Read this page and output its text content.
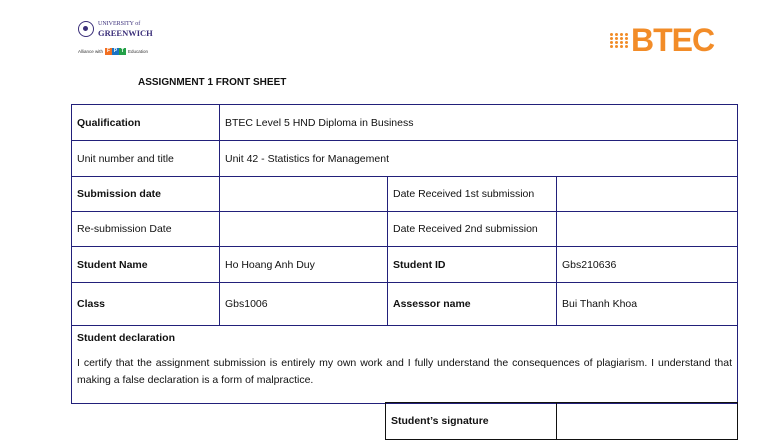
UNIVERSITY of
GREENWICH
Alliance with F P T Education	BTEC
ASSIGNMENT 1 FRONT SHEET
Qualification	BTEC Level 5 HND Diploma in Business		
Unit number and title	Unit 42 - Statistics for Management		
Submission date		Date Received 1st submission	
Re-submission Date		Date Received 2nd submission	
Student Name	Ho Hoang Anh Duy	Student ID	Gbs210636
Class	Gbs1006	Assessor name	Bui Thanh Khoa

Student declaration
I certify that the assignment submission is entirely my own work and I fully understand the consequences of plagiarism. I understand that making a false declaration is a form of malpractice.			
Student’s signature	
